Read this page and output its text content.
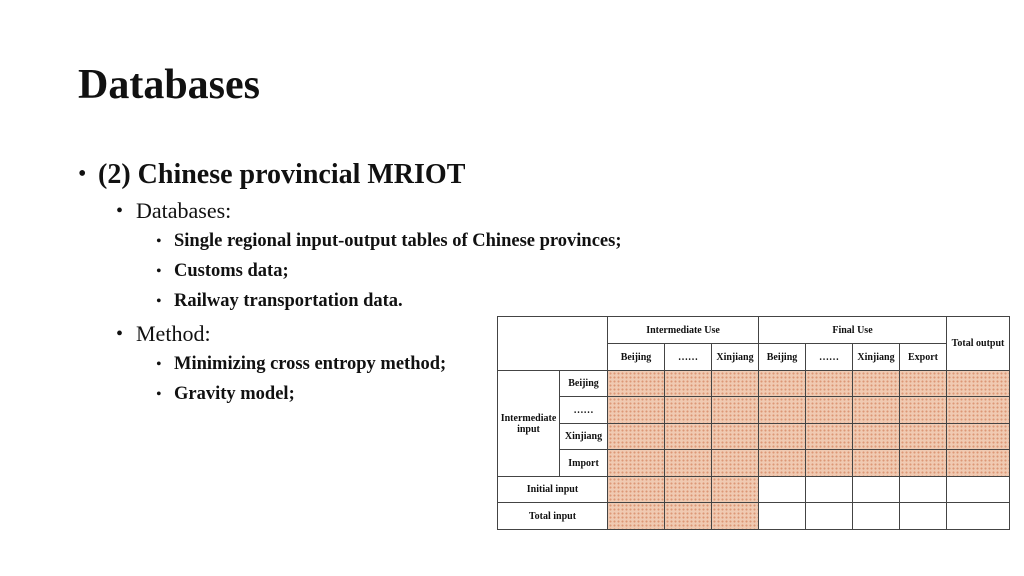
Databases
• (2) Chinese provincial MRIOT
• Databases:
• Single regional input-output tables of Chinese provinces;
• Customs data;
• Railway transportation data.
• Method:
• Minimizing cross entropy method;
• Gravity model;
		Intermediate Use			Final Use				Total output
		Beijing	……	Xinjiang	Beijing	……	Xinjiang	Export	
Intermediate input	Beijing								
	……								
	Xinjiang								
	Import								
Initial input									
Total input									
